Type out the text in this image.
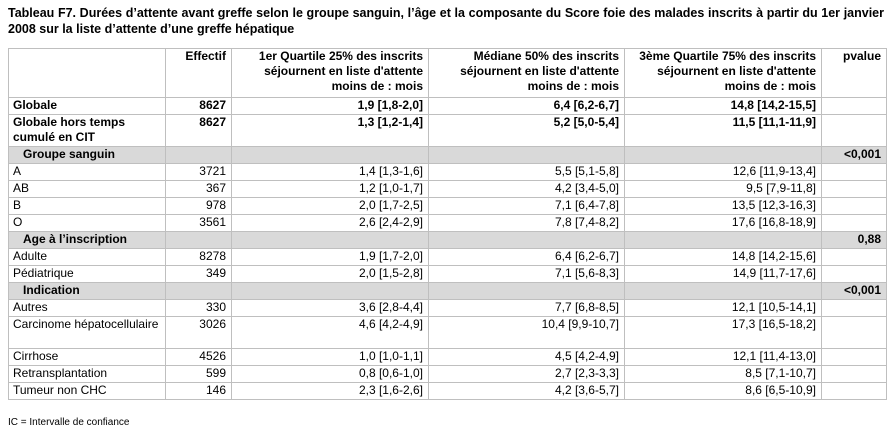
Tableau F7. Durées d’attente avant greffe selon le groupe sanguin, l’âge et la composante du Score foie des malades inscrits à partir du 1er janvier 2008 sur la liste d’attente d’une greffe hépatique
	Effectif	1er Quartile 25% des inscrits séjournent en liste d'attente moins de : mois	Médiane 50% des inscrits séjournent en liste d'attente moins de : mois	3ème Quartile 75% des inscrits séjournent en liste d'attente moins de : mois	pvalue
Globale	8627	1,9 [1,8-2,0]	6,4 [6,2-6,7]	14,8 [14,2-15,5]	
Globale hors temps cumulé en CIT	8627	1,3 [1,2-1,4]	5,2 [5,0-5,4]	11,5 [11,1-11,9]	
Groupe sanguin					<0,001
A	3721	1,4 [1,3-1,6]	5,5 [5,1-5,8]	12,6 [11,9-13,4]	
AB	367	1,2 [1,0-1,7]	4,2 [3,4-5,0]	9,5 [7,9-11,8]	
B	978	2,0 [1,7-2,5]	7,1 [6,4-7,8]	13,5 [12,3-16,3]	
O	3561	2,6 [2,4-2,9]	7,8 [7,4-8,2]	17,6 [16,8-18,9]	
Age à l’inscription					0,88
Adulte	8278	1,9 [1,7-2,0]	6,4 [6,2-6,7]	14,8 [14,2-15,6]	
Pédiatrique	349	2,0 [1,5-2,8]	7,1 [5,6-8,3]	14,9 [11,7-17,6]	
Indication					<0,001
Autres	330	3,6 [2,8-4,4]	7,7 [6,8-8,5]	12,1 [10,5-14,1]	
Carcinome hépatocellulaire	3026	4,6 [4,2-4,9]	10,4 [9,9-10,7]	17,3 [16,5-18,2]	
Cirrhose	4526	1,0 [1,0-1,1]	4,5 [4,2-4,9]	12,1 [11,4-13,0]	
Retransplantation	599	0,8 [0,6-1,0]	2,7 [2,3-3,3]	8,5 [7,1-10,7]	
Tumeur non CHC	146	2,3 [1,6-2,6]	4,2 [3,6-5,7]	8,6 [6,5-10,9]	
IC = Intervalle de confiance
